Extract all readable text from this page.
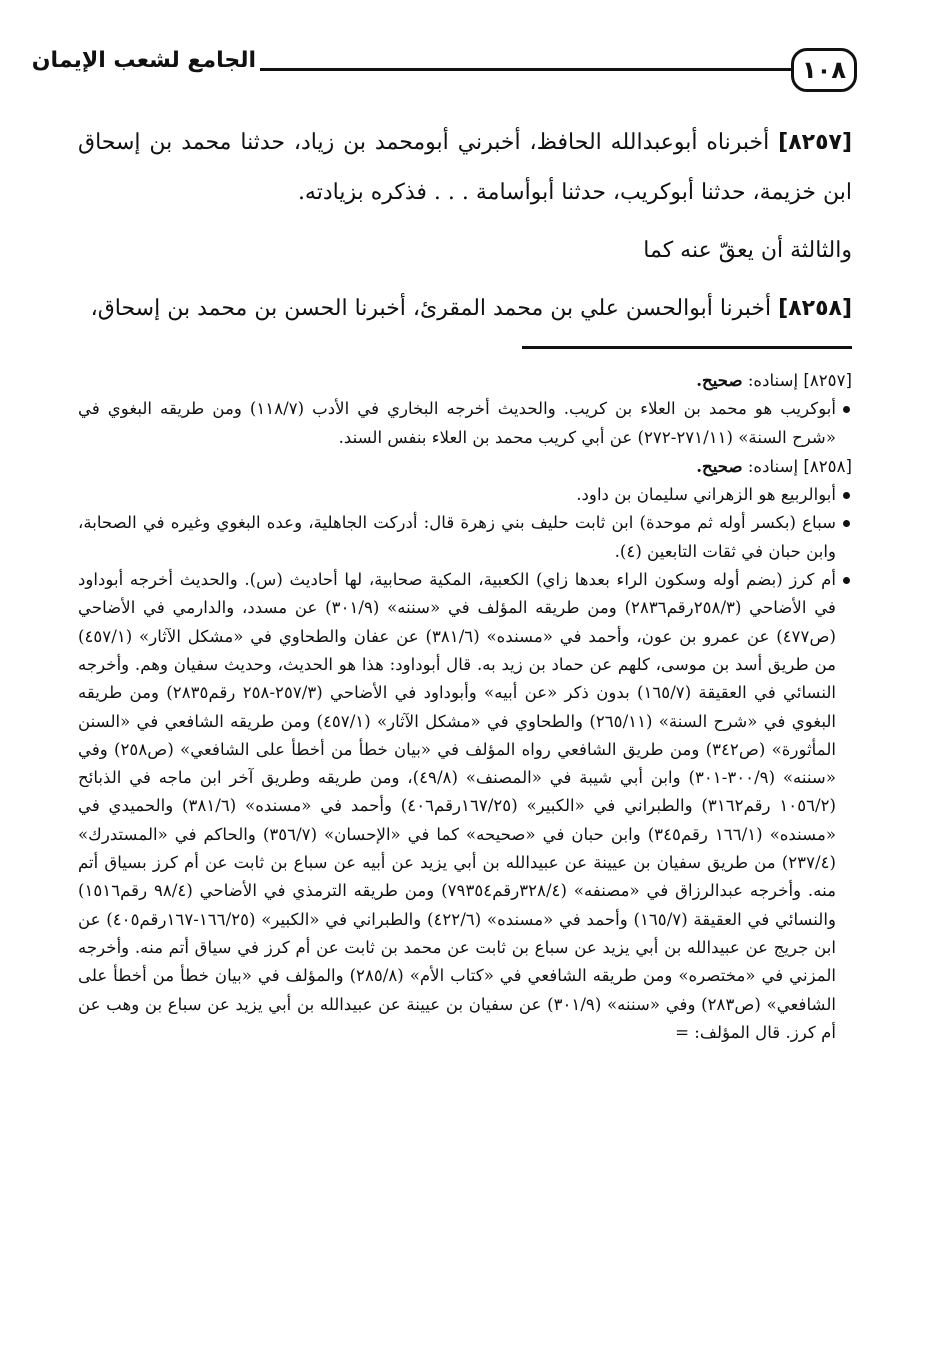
١٠٨
الجامع لشعب الإيمان

[٨٢٥٧] أخبرناه أبوعبدالله الحافظ، أخبرني أبومحمد بن زياد، حدثنا محمد بن إسحاق ابن خزيمة، حدثنا أبوكريب، حدثنا أبوأسامة . . . فذكره بزيادته.

والثالثة أن يعقّ عنه كما

[٨٢٥٨] أخبرنا أبوالحسن علي بن محمد المقرئ، أخبرنا الحسن بن محمد بن إسحاق،

[٨٢٥٧] إسناده: صحيح.

أبوكريب هو محمد بن العلاء بن كريب. والحديث أخرجه البخاري في الأدب (١١٨/٧) ومن طريقه البغوي في «شرح السنة» (٢٧١/١١-٢٧٢) عن أبي كريب محمد بن العلاء بنفس السند.

[٨٢٥٨] إسناده: صحيح.

أبوالربيع هو الزهراني سليمان بن داود.
سباع (بكسر أوله ثم موحدة) ابن ثابت حليف بني زهرة قال: أدركت الجاهلية، وعده البغوي وغيره في الصحابة، وابن حبان في ثقات التابعين (٤).
أم كرز (بضم أوله وسكون الراء بعدها زاي) الكعبية، المكية صحابية، لها أحاديث (س). والحديث أخرجه أبوداود في الأضاحي (٢٥٨/٣رقم٢٨٣٦) ومن طريقه المؤلف في «سننه» (٣٠١/٩) عن مسدد، والدارمي في الأضاحي (ص٤٧٧) عن عمرو بن عون، وأحمد في «مسنده» (٣٨١/٦) عن عفان والطحاوي في «مشكل الآثار» (٤٥٧/١) من طريق أسد بن موسى، كلهم عن حماد بن زيد به. قال أبوداود: هذا هو الحديث، وحديث سفيان وهم. وأخرجه النسائي في العقيقة (١٦٥/٧) بدون ذكر «عن أبيه» وأبوداود في الأضاحي (٢٥٧/٣-٢٥٨ رقم٢٨٣٥) ومن طريقه البغوي في «شرح السنة» (٢٦٥/١١) والطحاوي في «مشكل الآثار» (٤٥٧/١) ومن طريقه الشافعي في «السنن المأثورة» (ص٣٤٢) ومن طريق الشافعي رواه المؤلف في «بيان خطأ من أخطأ على الشافعي» (ص٢٥٨) وفي «سننه» (٣٠٠/٩-٣٠١) وابن أبي شيبة في «المصنف» (٤٩/٨)، ومن طريقه وطريق آخر ابن ماجه في الذبائح (١٠٥٦/٢ رقم٣١٦٢) والطبراني في «الكبير» (١٦٧/٢٥رقم٤٠٦) وأحمد في «مسنده» (٣٨١/٦) والحميدي في «مسنده» (١٦٦/١ رقم٣٤٥) وابن حبان في «صحيحه» كما في «الإحسان» (٣٥٦/٧) والحاكم في «المستدرك» (٢٣٧/٤) من طريق سفيان بن عيينة عن عبيدالله بن أبي يزيد عن أبيه عن سباع بن ثابت عن أم كرز بسياق أتم منه. وأخرجه عبدالرزاق في «مصنفه» (٣٢٨/٤رقم٧٩٣٥٤) ومن طريقه الترمذي في الأضاحي (٩٨/٤ رقم١٥١٦) والنسائي في العقيقة (١٦٥/٧) وأحمد في «مسنده» (٤٢٢/٦) والطبراني في «الكبير» (١٦٦/٢٥-١٦٧رقم٤٠٥) عن ابن جريج عن عبيدالله بن أبي يزيد عن سباع بن ثابت عن محمد بن ثابت عن أم كرز في سياق أتم منه. وأخرجه المزني في «مختصره» ومن طريقه الشافعي في «كتاب الأم» (٢٨٥/٨) والمؤلف في «بيان خطأ من أخطأ على الشافعي» (ص٢٨٣) وفي «سننه» (٣٠١/٩) عن سفيان بن عيينة عن عبيدالله بن أبي يزيد عن سباع بن وهب عن أم كرز. قال المؤلف: =
